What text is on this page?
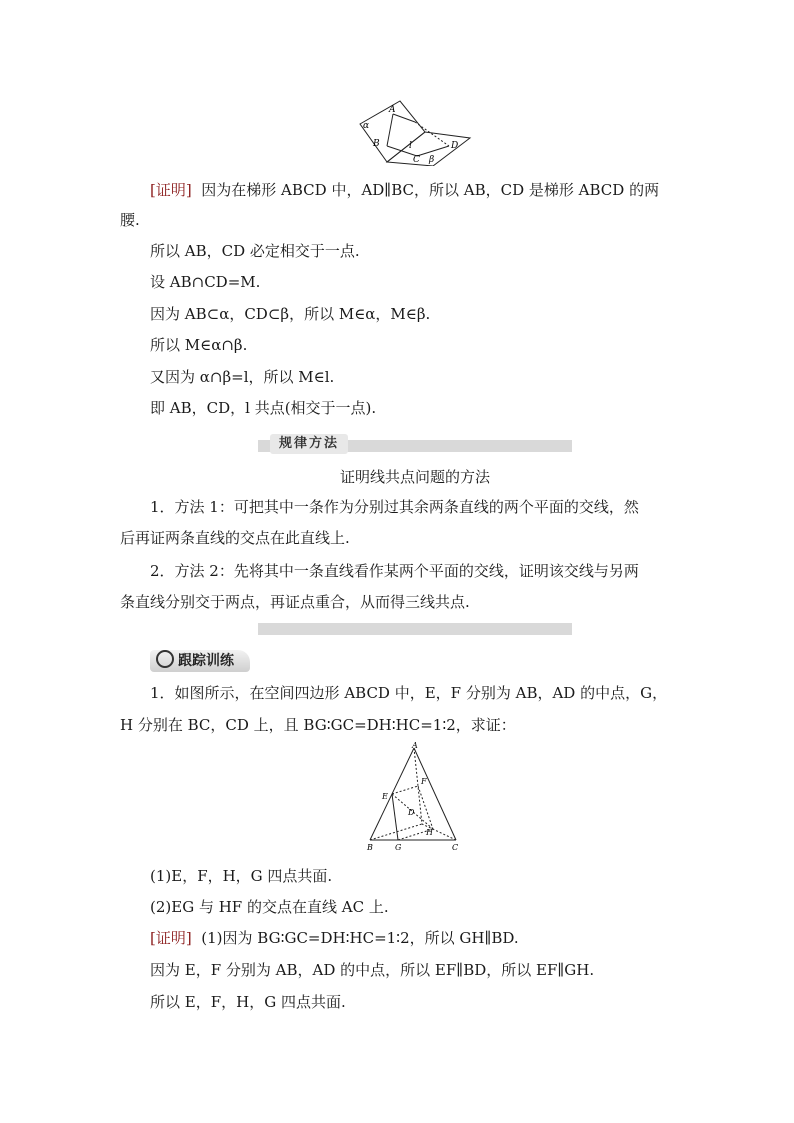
α
A
B	l
C β
D
[证明] 因为在梯形 ABCD 中，AD∥BC，所以 AB，CD 是梯形 ABCD 的两
腰.
所以 AB，CD 必定相交于一点.
设 AB∩CD=M.
因为 AB⊂α，CD⊂β，所以 M∈α，M∈β.
所以 M∈α∩β.
又因为 α∩β=l，所以 M∈l.
即 AB，CD，l 共点(相交于一点).
规律方法
证明线共点问题的方法
1．方法 1：可把其中一条作为分别过其余两条直线的两个平面的交线，然
后再证两条直线的交点在此直线上.
2．方法 2：先将其中一条直线看作某两个平面的交线，证明该交线与另两
条直线分别交于两点，再证点重合，从而得三线共点.
跟踪训练
1．如图所示，在空间四边形 ABCD 中，E，F 分别为 AB，AD 的中点，G，
H 分别在 BC，CD 上，且 BG∶GC=DH∶HC=1∶2，求证：
A
F
E
D
H
B	G	C
(1)E，F，H，G 四点共面.
(2)EG 与 HF 的交点在直线 AC 上.
[证明] (1)因为 BG∶GC=DH∶HC=1∶2，所以 GH∥BD.
因为 E，F 分别为 AB，AD 的中点，所以 EF∥BD，所以 EF∥GH.
所以 E，F，H，G 四点共面.
